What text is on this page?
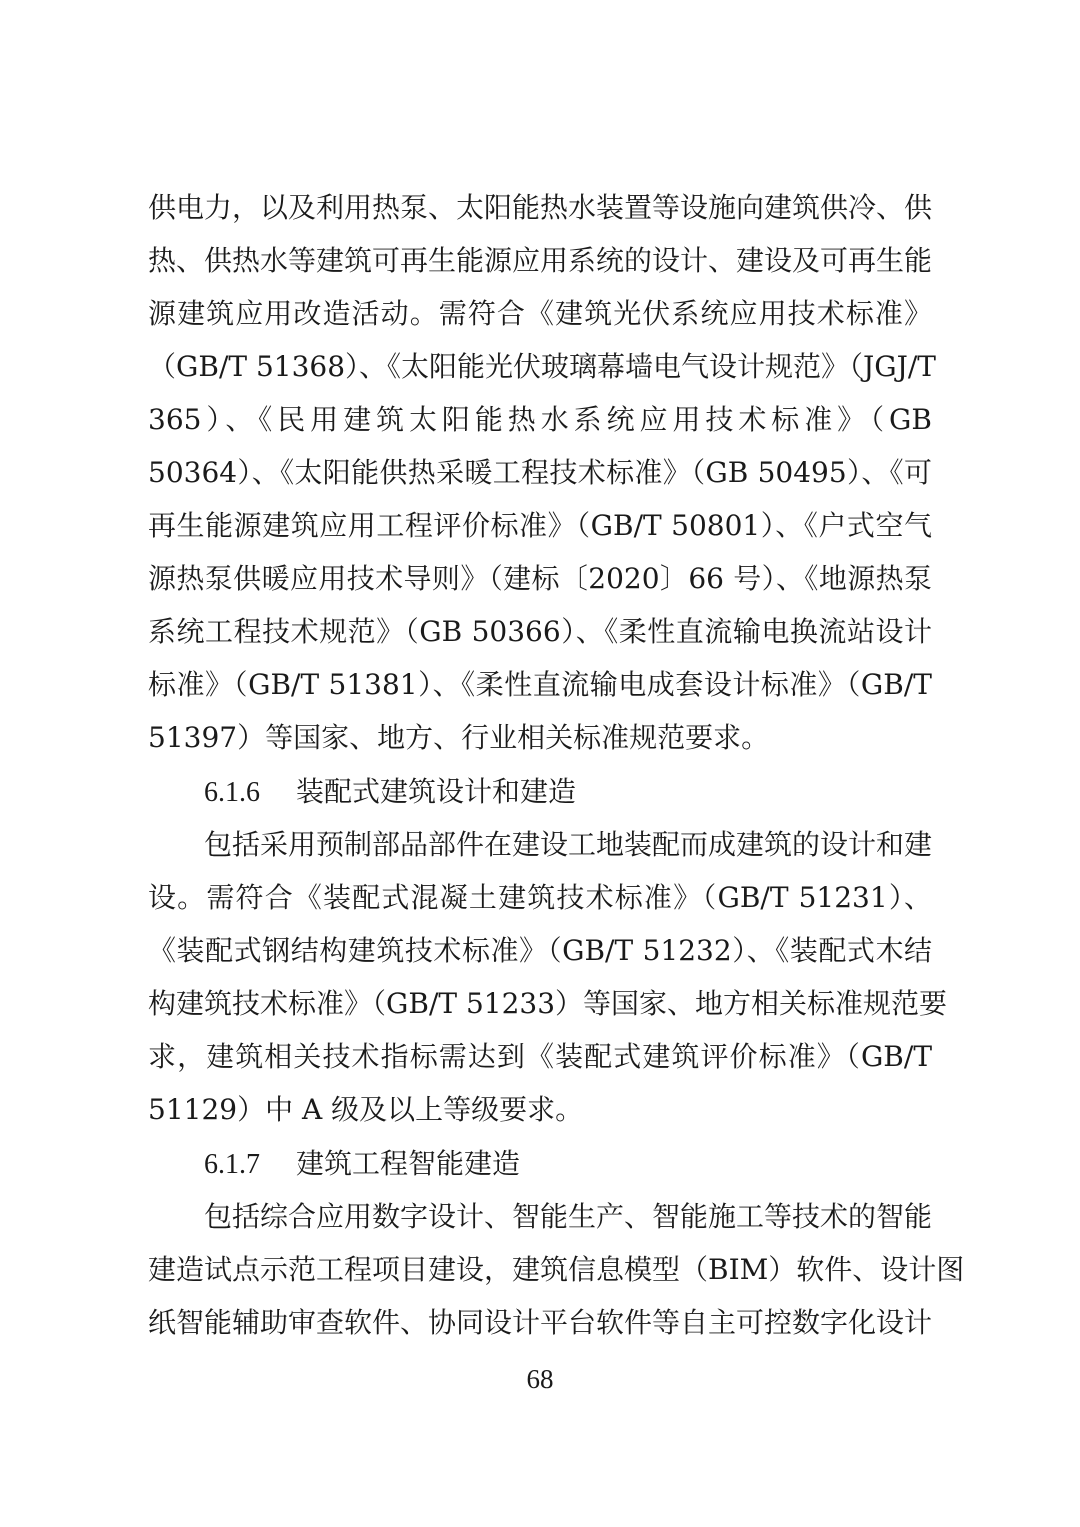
供电力，以及利用热泵、太阳能热水装置等设施向建筑供冷、供
热、供热水等建筑可再生能源应用系统的设计、建设及可再生能
源建筑应用改造活动。需符合《建筑光伏系统应用技术标准》
（GB/T 51368）、《太阳能光伏玻璃幕墙电气设计规范》（JGJ/T
365）、《民用建筑太阳能热水系统应用技术标准》（GB
50364）、《太阳能供热采暖工程技术标准》（GB 50495）、《可
再生能源建筑应用工程评价标准》（GB/T 50801）、《户式空气
源热泵供暖应用技术导则》（建标〔2020〕66 号）、《地源热泵
系统工程技术规范》（GB 50366）、《柔性直流输电换流站设计
标准》（GB/T 51381）、《柔性直流输电成套设计标准》（GB/T
51397）等国家、地方、行业相关标准规范要求。
6.1.6 装配式建筑设计和建造
包括采用预制部品部件在建设工地装配而成建筑的设计和建
设。需符合《装配式混凝土建筑技术标准》（GB/T 51231）、
《装配式钢结构建筑技术标准》（GB/T 51232）、《装配式木结
构建筑技术标准》（GB/T 51233）等国家、地方相关标准规范要
求，建筑相关技术指标需达到《装配式建筑评价标准》（GB/T
51129）中 A 级及以上等级要求。
6.1.7 建筑工程智能建造
包括综合应用数字设计、智能生产、智能施工等技术的智能
建造试点示范工程项目建设，建筑信息模型（BIM）软件、设计图
纸智能辅助审查软件、协同设计平台软件等自主可控数字化设计
68
